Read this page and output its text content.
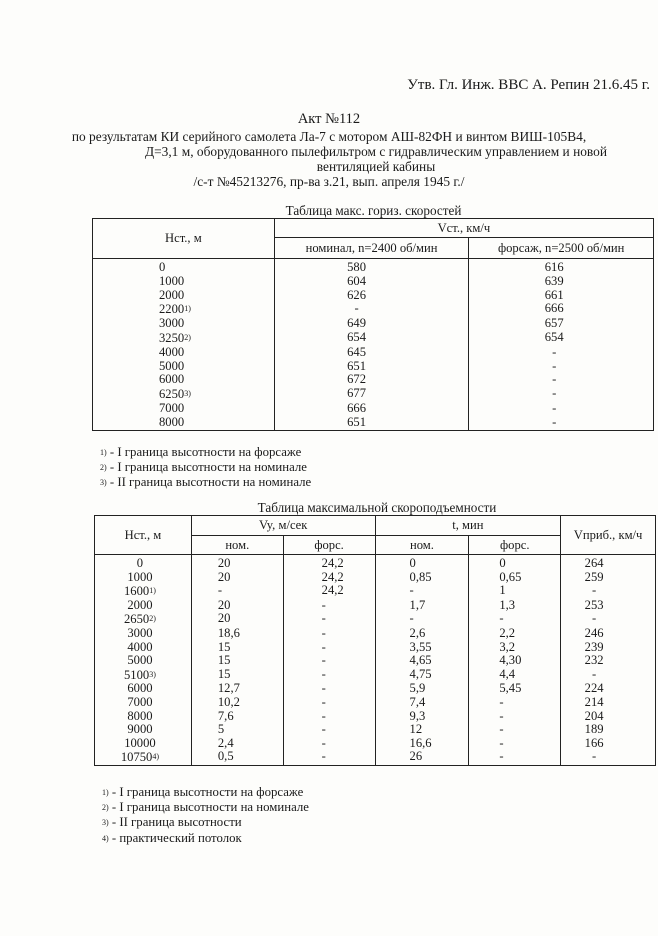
Утв. Гл. Инж. ВВС А. Репин 21.6.45 г.
Акт №112
по результатам КИ серийного самолета Ла-7 с мотором АШ-82ФН и винтом ВИШ-105В4,
Д=3,1 м, оборудованного пылефильтром с гидравлическим управлением и новой вентиляцией кабины
/с-т №45213276, пр-ва з.21, вып. апреля 1945 г./
Таблица макс. гориз. скоростей
Нст., м	Vст., км/ч	
	номинал, n=2400 об/мин	форсаж, n=2500 об/мин
0	580	616
1000	604	639
2000	626	661
2200$^{1)}$	-	666
3000	649	657
3250$^{2)}$	654	654
4000	645	-
5000	651	-
6000	672	-
6250$^{3)}$	677	-
7000	666	-
8000	651	-
$^{1)}$ - I граница высотности на форсаже
$^{2)}$ - I граница высотности на номинале
$^{3)}$ - II граница высотности на номинале
Таблица максимальной скороподъемности
Нст., м	Vy, м/сек		t, мин		Vприб., км/ч
	ном.	форс.	ном.	форс.	
0	20	24,2	0	0	264
1000	20	24,2	0,85	0,65	259
1600$^{1)}$	-	24,2	-	1	-
2000	20	-	1,7	1,3	253
2650$^{2)}$	20	-	-	-	-
3000	18,6	-	2,6	2,2	246
4000	15	-	3,55	3,2	239
5000	15	-	4,65	4,30	232
5100$^{3)}$	15	-	4,75	4,4	-
6000	12,7	-	5,9	5,45	224
7000	10,2	-	7,4	-	214
8000	7,6	-	9,3	-	204
9000	5	-	12	-	189
10000	2,4	-	16,6	-	166
10750$^{4)}$	0,5	-	26	-	-
$^{1)}$ - I граница высотности на форсаже
$^{2)}$ - I граница высотности на номинале
$^{3)}$ - II граница высотности
$^{4)}$ - практический потолок
